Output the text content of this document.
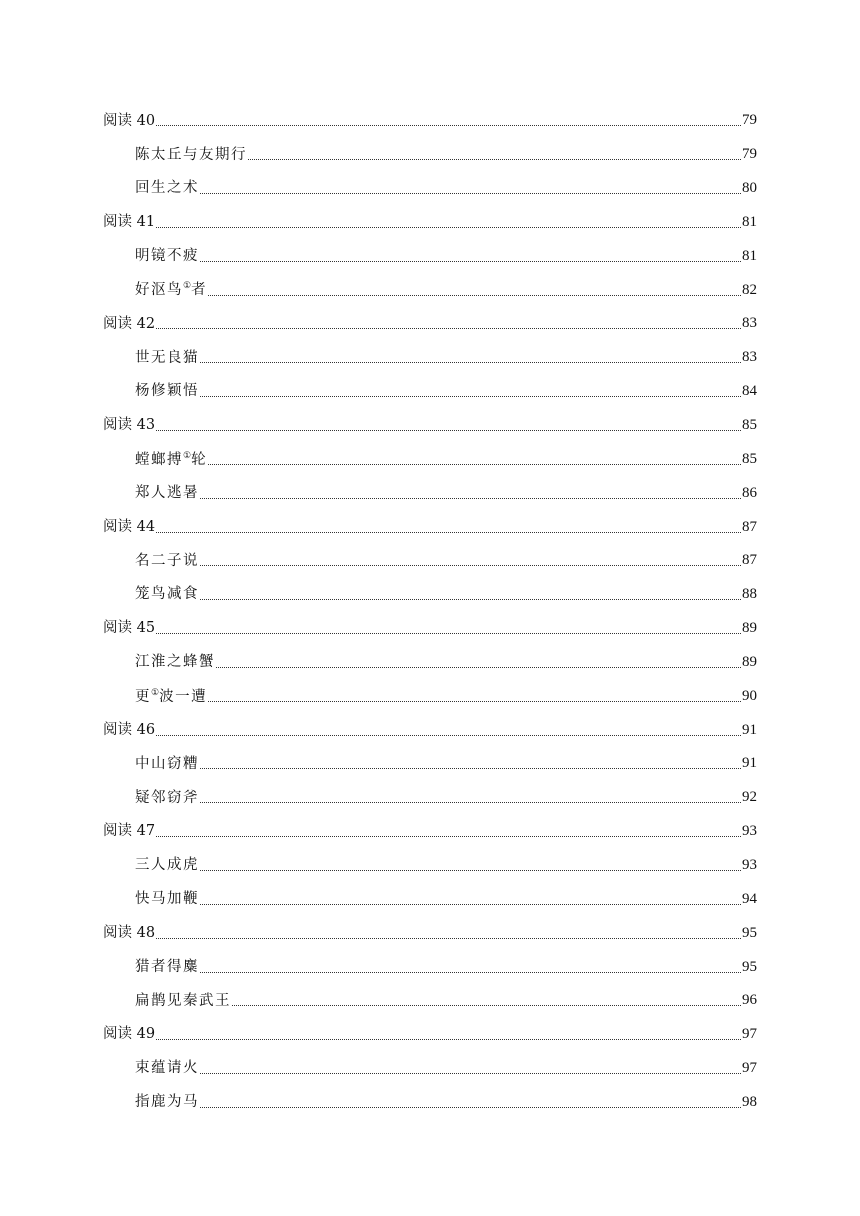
阅读 40	79
陈太丘与友期行	79
回生之术	80
阅读 41	81
明镜不疲	81
好沤鸟①者	82
阅读 42	83
世无良猫	83
杨修颖悟	84
阅读 43	85
螳螂搏①轮	85
郑人逃暑	86
阅读 44	87
名二子说	87
笼鸟减食	88
阅读 45	89
江淮之蜂蟹	89
更①波一遭	90
阅读 46	91
中山窃糟	91
疑邻窃斧	92
阅读 47	93
三人成虎	93
快马加鞭	94
阅读 48	95
猎者得麋	95
扁鹊见秦武王	96
阅读 49	97
束蕴请火	97
指鹿为马	98
